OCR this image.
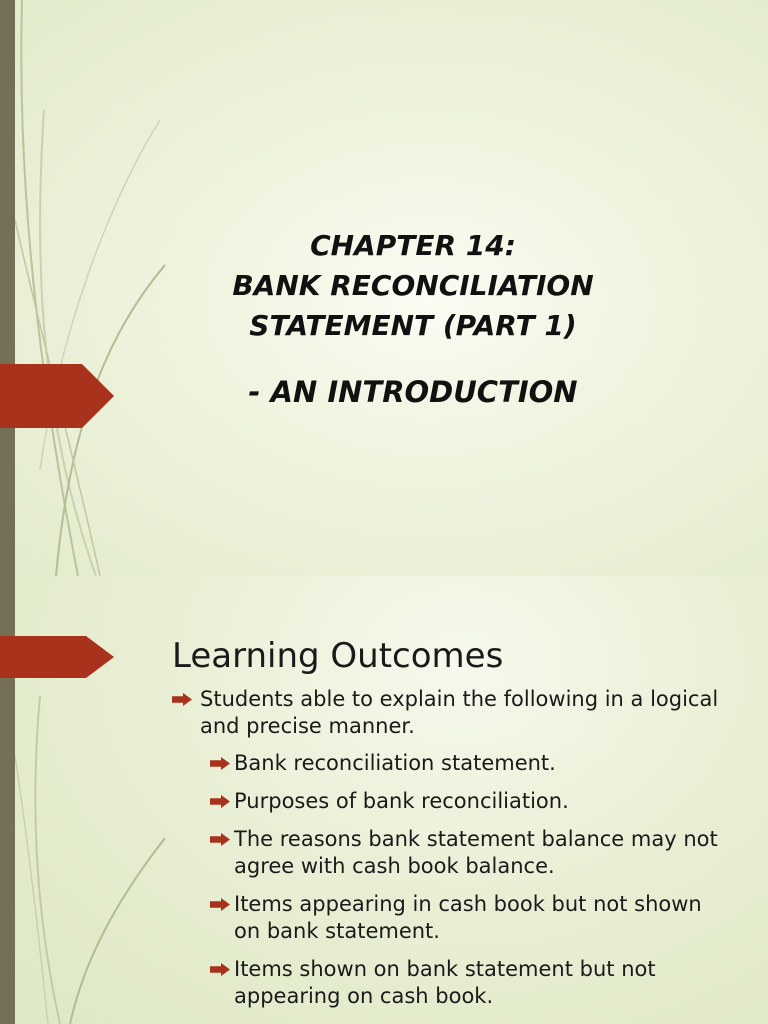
CHAPTER 14:
BANK RECONCILIATION
STATEMENT (PART 1)
- AN INTRODUCTION
Learning Outcomes
Students able to explain the following in a logical and precise manner.
Bank reconciliation statement.
Purposes of bank reconciliation.
The reasons bank statement balance may not agree with cash book balance.
Items appearing in cash book but not shown on bank statement.
Items shown on bank statement but not appearing on cash book.
